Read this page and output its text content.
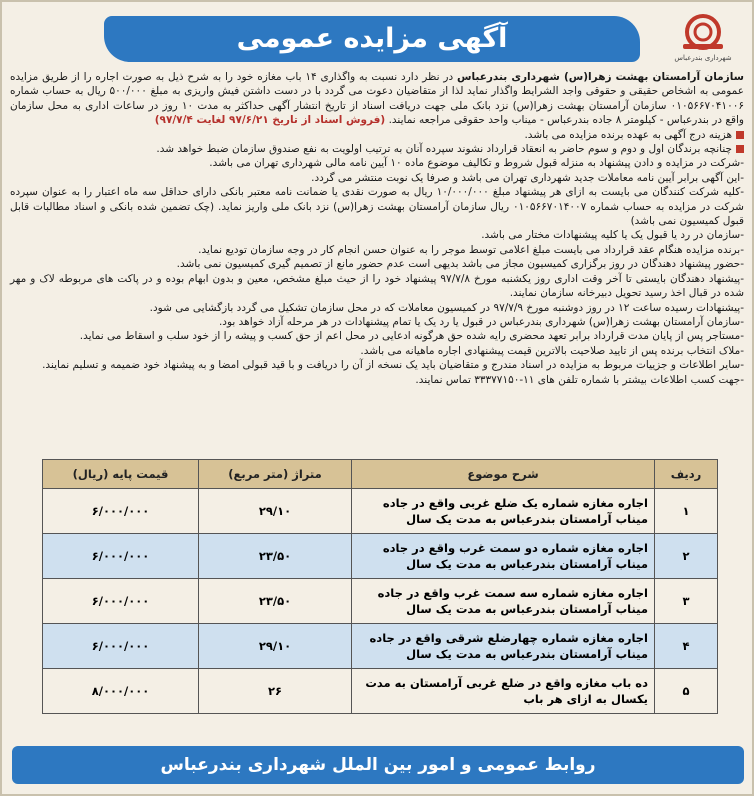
آگهی مزایده عمومی
شهرداری بندرعباس

سازمان آرامستان بهشت زهرا(س) شهرداری بندرعباس در نظر دارد نسبت به واگذاری ۱۴ باب مغازه خود را به شرح ذیل به صورت اجاره را از طریق مزایده عمومی به اشخاص حقیقی و حقوقی واجد الشرایط واگذار نماید لذا از متقاضیان دعوت می گردد با در دست داشتن فیش واریزی به مبلغ ۵۰۰/۰۰۰ ریال به حساب شماره ۰۱۰۵۶۶۷۰۴۱۰۰۶ سازمان آرامستان بهشت زهرا(س) نزد بانک ملی جهت دریافت اسناد از تاریخ انتشار آگهی حداکثر به مدت ۱۰ روز در ساعات اداری به محل سازمان واقع در بندرعباس - کیلومتر ۸ جاده بندرعباس - میناب واحد حقوقی مراجعه نمایند. (فروش اسناد از تاریخ ۹۷/۶/۲۱ لغایت ۹۷/۷/۴)

هزینه درج آگهی به عهده برنده مزایده می باشد.

چنانچه برندگان اول و دوم و سوم حاضر به انعقاد قرارداد نشوند سپرده آنان به ترتیب اولویت به نفع صندوق سازمان ضبط خواهد شد.

-شرکت در مزایده و دادن پیشنهاد به منزله قبول شروط و تکالیف موضوع ماده ۱۰ آیین نامه مالی شهرداری تهران می باشد.

-این آگهی برابر آیین نامه معاملات جدید شهرداری تهران می باشد و صرفا یک نوبت منتشر می گردد.

-کلیه شرکت کنندگان می بایست به ازای هر پیشنهاد مبلغ ۱۰/۰۰۰/۰۰۰ ریال به صورت نقدی یا ضمانت نامه معتبر بانکی دارای حداقل سه ماه اعتبار را به عنوان سپرده شرکت در مزایده به حساب شماره ۰۱۰۵۶۶۷۰۱۴۰۰۷ ریال سازمان آرامستان بهشت زهرا(س) نزد بانک ملی واریز نماید. (چک تضمین شده بانکی و اسناد مطالبات قابل قبول کمیسیون نمی باشد)

-سازمان در رد یا قبول یک یا کلیه پیشنهادات مختار می باشد.

-برنده مزایده هنگام عقد قرارداد می بایست مبلغ اعلامی توسط موجر را به عنوان حسن انجام کار در وجه سازمان تودیع نماید.

-حضور پیشنهاد دهندگان در روز برگزاری کمیسیون مجاز می باشد بدیهی است عدم حضور مانع از تصمیم گیری کمیسیون نمی باشد.

-پیشنهاد دهندگان بایستی تا آخر وقت اداری روز یکشنبه مورخ ۹۷/۷/۸ پیشنهاد خود را از حیث مبلغ مشخص، معین و بدون ابهام بوده و در پاکت های مربوطه لاک و مهر شده در قبال اخذ رسید تحویل دبیرخانه سازمان نمایند.

-پیشنهادات رسیده ساعت ۱۲ در روز دوشنبه مورخ ۹۷/۷/۹ در کمیسیون معاملات که در محل سازمان تشکیل می گردد بازگشایی می شود.

-سازمان آرامستان بهشت زهرا(س) شهرداری بندرعباس در قبول یا رد یک یا تمام پیشنهادات در هر مرحله آزاد خواهد بود.

-مستاجر پس از پایان مدت قرارداد برابر تعهد محضری رایه شده حق هرگونه ادعایی در محل اعم از حق کسب و پیشه را از خود سلب و اسقاط می نماید.

-ملاک انتخاب برنده پس از تایید صلاحیت بالاترین قیمت پیشنهادی اجاره ماهیانه می باشد.

-سایر اطلاعات و جزییات مربوط به مزایده در اسناد مندرج و متقاضیان باید یک نسخه از آن را دریافت و با قید قبولی امضا و به پیشنهاد خود ضمیمه و تسلیم نمایند.

-جهت کسب اطلاعات بیشتر با شماره تلفن های ۱۱-۳۳۳۷۷۱۵۰ تماس نمایند.

ردیف	شرح موضوع	متراژ (متر مربع)	قیمت پایه (ریال)
۱	اجاره مغازه شماره یک ضلع غربی واقع در جاده میناب آرامستان بندرعباس به مدت یک سال	۲۹/۱۰	۶/۰۰۰/۰۰۰
۲	اجاره مغازه شماره دو سمت غرب واقع در جاده میناب آرامستان بندرعباس به مدت یک سال	۲۳/۵۰	۶/۰۰۰/۰۰۰
۳	اجاره مغازه شماره سه سمت غرب واقع در جاده میناب آرامستان بندرعباس به مدت یک سال	۲۳/۵۰	۶/۰۰۰/۰۰۰
۴	اجاره مغازه شماره چهارضلع شرقی واقع در جاده میناب آرامستان بندرعباس به مدت یک سال	۲۹/۱۰	۶/۰۰۰/۰۰۰
۵	ده باب مغازه واقع در ضلع غربی آرامستان به مدت یکسال به ازای هر باب	۲۶	۸/۰۰۰/۰۰۰
روابط عمومی و امور بین الملل شهرداری بندرعباس
